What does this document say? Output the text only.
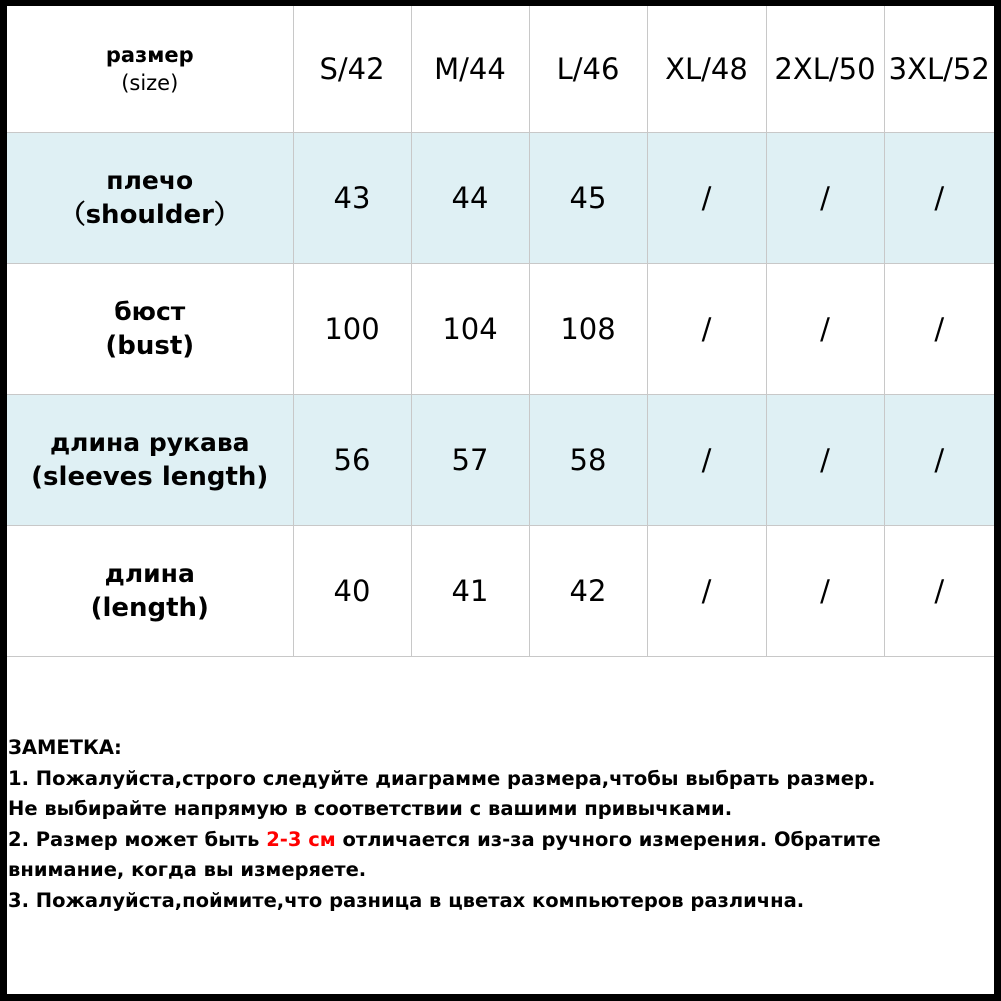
размер
(size)	S/42	M/44	L/46	XL/48	2XL/50	3XL/52

плечо
（shoulder）	43	44	45	/	/	/

бюст
(bust)	100	104	108	/	/	/

длина рукава
(sleeves length)	56	57	58	/	/	/

длина
(length)	40	41	42	/	/	/
ЗАМЕТКА:
1. Пожалуйста,строго следуйте диаграмме размера,чтобы выбрать размер.
Не выбирайте напрямую в соответствии с вашими привычками.
2. Размер может быть 2-3 см отличается из-за ручного измерения. Обратите
внимание, когда вы измеряете.
3. Пожалуйста,поймите,что разница в цветах компьютеров различна.
